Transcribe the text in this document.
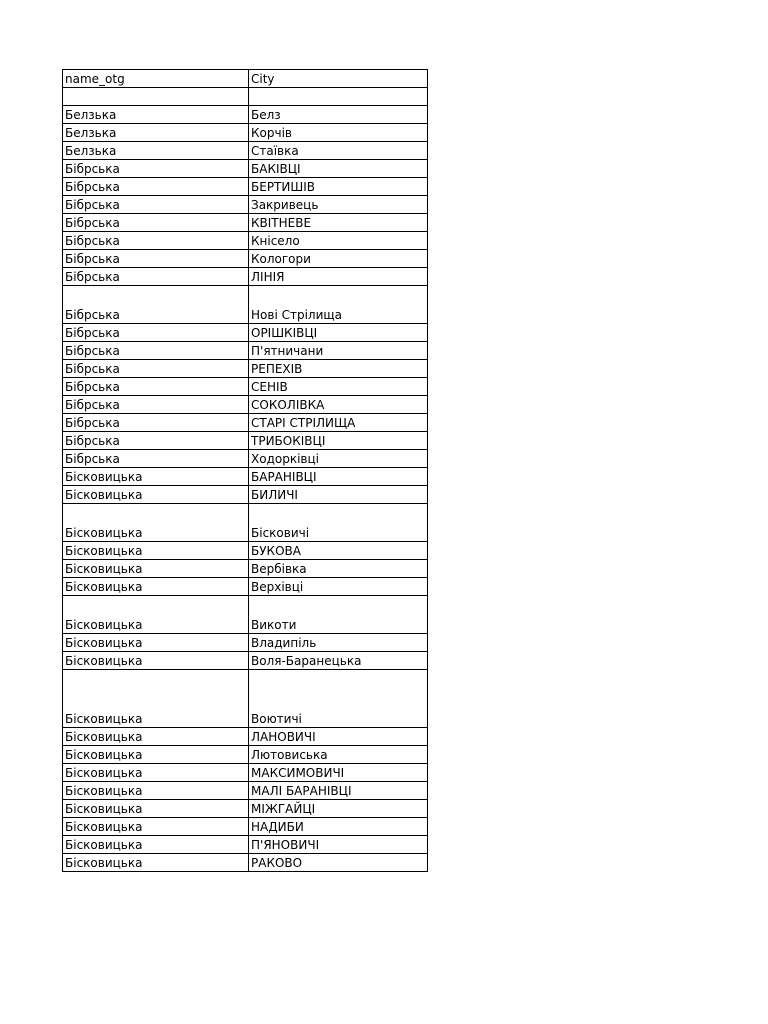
name_otg	City

Белзька	Белз
Белзька	Корчів
Белзька	Стаївка
Бібрська	БАКІВЦІ
Бібрська	БЕРТИШІВ
Бібрська	Закривець
Бібрська	КВІТНЕВЕ
Бібрська	Кнісело
Бібрська	Кологори
Бібрська	ЛІНІЯ
Бібрська	Нові Стрілища
Бібрська	ОРІШКІВЦІ
Бібрська	П'ятничани
Бібрська	РЕПЕХІВ
Бібрська	СЕНІВ
Бібрська	СОКОЛІВКА
Бібрська	СТАРІ СТРІЛИЩА
Бібрська	ТРИБОКІВЦІ
Бібрська	Ходорківці
Бісковицька	БАРАНІВЦІ
Бісковицька	БИЛИЧІ
Бісковицька	Бісковичі
Бісковицька	БУКОВА
Бісковицька	Вербівка
Бісковицька	Верхівці
Бісковицька	Викоти
Бісковицька	Владипіль
Бісковицька	Воля-Баранецька
Бісковицька	Воютичі
Бісковицька	ЛАНОВИЧІ
Бісковицька	Лютовиська
Бісковицька	МАКСИМОВИЧІ
Бісковицька	МАЛІ БАРАНІВЦІ
Бісковицька	МІЖГАЙЦІ
Бісковицька	НАДИБИ
Бісковицька	П'ЯНОВИЧІ
Бісковицька	РАКОВО
